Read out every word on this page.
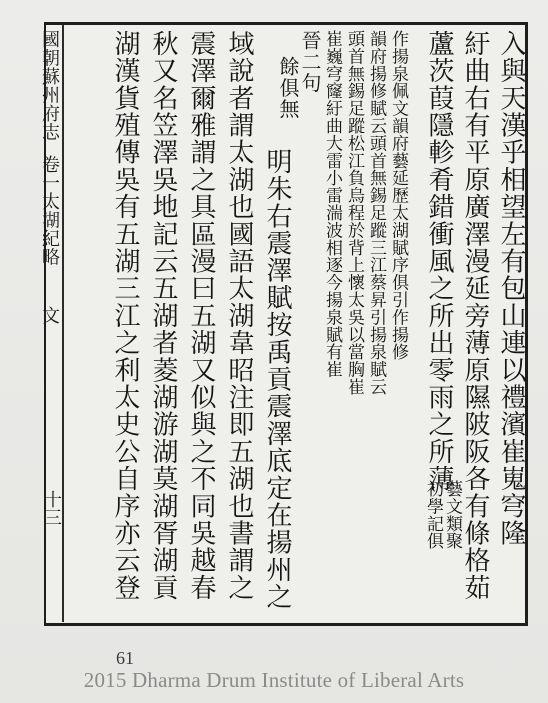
國朝蘇州府志卷一太湖紀略文
十三	入與天漢乎相望左有包山連以禮濱崔嵬穹隆
紆曲右有平原廣澤漫延旁薄原隰陂阪各有條格茹
蘆茨葭隱軫肴錯衝風之所出零雨之所薄
藝文類聚
初學記俱
作揚泉佩文韻府藝延歷太湖賦序俱引作揚修
韻府揚修賦云頭首無錫足蹤三江蔡昇引揚泉賦云
頭首無錫足蹤松江負烏程於背上懷太吳以當胸崔
崔巍穹窿紆曲大雷小雷湍波相逐今揚泉賦有崔
晉二句
餘俱無
明朱右震澤賦按禹貢震澤底定在揚州之
域說者謂太湖也國語太湖韋昭注即五湖也書謂之
震澤爾雅謂之具區漫曰五湖又似與之不同吳越春
秋又名笠澤吳地記云五湖者菱湖游湖莫湖胥湖貢
湖漢貨殖傳吳有五湖三江之利太史公自序亦云登
61
2015 Dharma Drum Institute of Liberal Arts
